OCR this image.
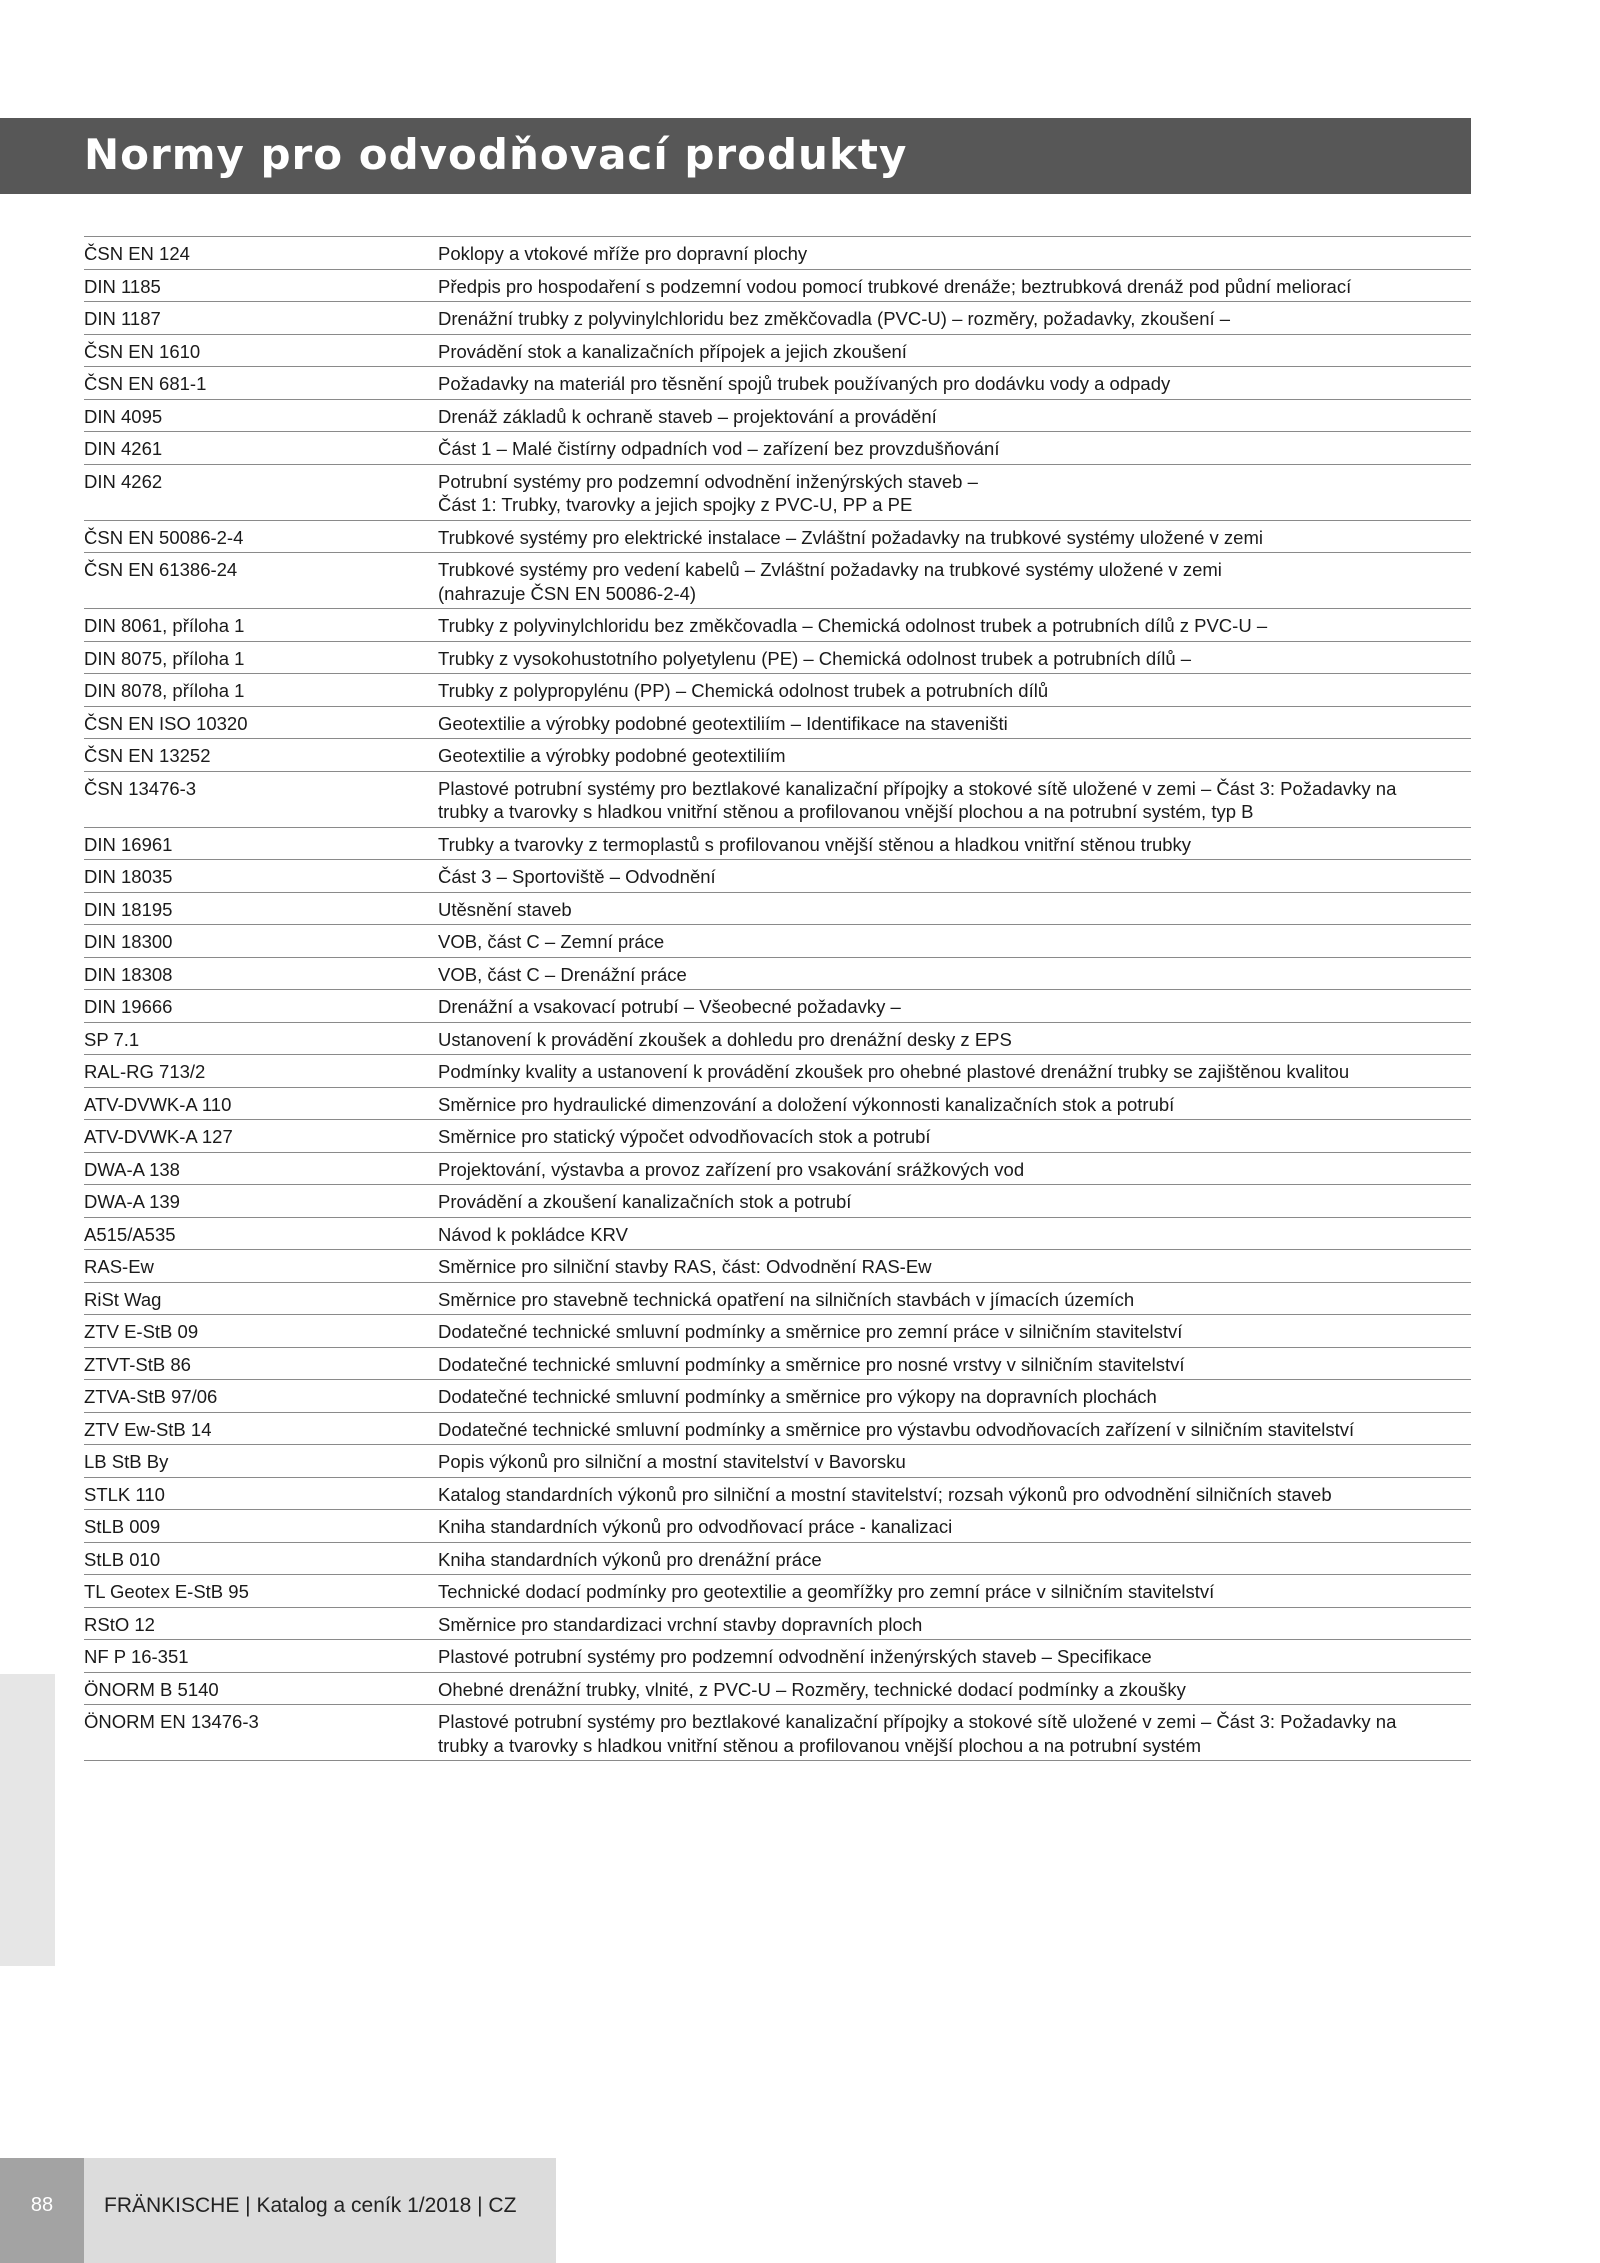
Normy pro odvodňovací produkty
ČSN EN 124	Poklopy a vtokové mříže pro dopravní plochy
DIN 1185	Předpis pro hospodaření s podzemní vodou pomocí trubkové drenáže; beztrubková drenáž pod půdní meliorací
DIN 1187	Drenážní trubky z polyvinylchloridu bez změkčovadla (PVC-U) – rozměry, požadavky, zkoušení –
ČSN EN 1610	Provádění stok a kanalizačních přípojek a jejich zkoušení
ČSN EN 681-1	Požadavky na materiál pro těsnění spojů trubek používaných pro dodávku vody a odpady
DIN 4095	Drenáž základů k ochraně staveb – projektování a provádění
DIN 4261	Část 1 – Malé čistírny odpadních vod – zařízení bez provzdušňování
DIN 4262	Potrubní systémy pro podzemní odvodnění inženýrských staveb –
Část 1: Trubky, tvarovky a jejich spojky z PVC-U, PP a PE
ČSN EN 50086-2-4	Trubkové systémy pro elektrické instalace – Zvláštní požadavky na trubkové systémy uložené v zemi
ČSN EN 61386-24	Trubkové systémy pro vedení kabelů – Zvláštní požadavky na trubkové systémy uložené v zemi
(nahrazuje ČSN EN 50086-2-4)
DIN 8061, příloha 1	Trubky z polyvinylchloridu bez změkčovadla – Chemická odolnost trubek a potrubních dílů z PVC-U –
DIN 8075, příloha 1	Trubky z vysokohustotního polyetylenu (PE) – Chemická odolnost trubek a potrubních dílů –
DIN 8078, příloha 1	Trubky z polypropylénu (PP) – Chemická odolnost trubek a potrubních dílů
ČSN EN ISO 10320	Geotextilie a výrobky podobné geotextiliím – Identifikace na staveništi
ČSN EN 13252	Geotextilie a výrobky podobné geotextiliím
ČSN 13476-3	Plastové potrubní systémy pro beztlakové kanalizační přípojky a stokové sítě uložené v zemi – Část 3: Požadavky na
trubky a tvarovky s hladkou vnitřní stěnou a profilovanou vnější plochou a na potrubní systém, typ B
DIN 16961	Trubky a tvarovky z termoplastů s profilovanou vnější stěnou a hladkou vnitřní stěnou trubky
DIN 18035	Část 3 – Sportoviště – Odvodnění
DIN 18195	Utěsnění staveb
DIN 18300	VOB, část C – Zemní práce
DIN 18308	VOB, část C – Drenážní práce
DIN 19666	Drenážní a vsakovací potrubí – Všeobecné požadavky –
SP 7.1	Ustanovení k provádění zkoušek a dohledu pro drenážní desky z EPS
RAL-RG 713/2	Podmínky kvality a ustanovení k provádění zkoušek pro ohebné plastové drenážní trubky se zajištěnou kvalitou
ATV-DVWK-A 110	Směrnice pro hydraulické dimenzování a doložení výkonnosti kanalizačních stok a potrubí
ATV-DVWK-A 127	Směrnice pro statický výpočet odvodňovacích stok a potrubí
DWA-A 138	Projektování, výstavba a provoz zařízení pro vsakování srážkových vod
DWA-A 139	Provádění a zkoušení kanalizačních stok a potrubí
A515/A535	Návod k pokládce KRV
RAS-Ew	Směrnice pro silniční stavby RAS, část: Odvodnění RAS-Ew
RiSt Wag	Směrnice pro stavebně technická opatření na silničních stavbách v jímacích územích
ZTV E-StB 09	Dodatečné technické smluvní podmínky a směrnice pro zemní práce v silničním stavitelství
ZTVT-StB 86	Dodatečné technické smluvní podmínky a směrnice pro nosné vrstvy v silničním stavitelství
ZTVA-StB 97/06	Dodatečné technické smluvní podmínky a směrnice pro výkopy na dopravních plochách
ZTV Ew-StB 14	Dodatečné technické smluvní podmínky a směrnice pro výstavbu odvodňovacích zařízení v silničním stavitelství
LB StB By	Popis výkonů pro silniční a mostní stavitelství v Bavorsku
STLK 110	Katalog standardních výkonů pro silniční a mostní stavitelství; rozsah výkonů pro odvodnění silničních staveb
StLB 009	Kniha standardních výkonů pro odvodňovací práce - kanalizaci
StLB 010	Kniha standardních výkonů pro drenážní práce
TL Geotex E-StB 95	Technické dodací podmínky pro geotextilie a geomřížky pro zemní práce v silničním stavitelství
RStO 12	Směrnice pro standardizaci vrchní stavby dopravních ploch
NF P 16-351	Plastové potrubní systémy pro podzemní odvodnění inženýrských staveb – Specifikace
ÖNORM B 5140	Ohebné drenážní trubky, vlnité, z PVC-U – Rozměry, technické dodací podmínky a zkoušky
ÖNORM EN 13476-3	Plastové potrubní systémy pro beztlakové kanalizační přípojky a stokové sítě uložené v zemi – Část 3: Požadavky na
trubky a tvarovky s hladkou vnitřní stěnou a profilovanou vnější plochou a na potrubní systém
88	FRÄNKISCHE | Katalog a ceník 1/2018 | CZ
